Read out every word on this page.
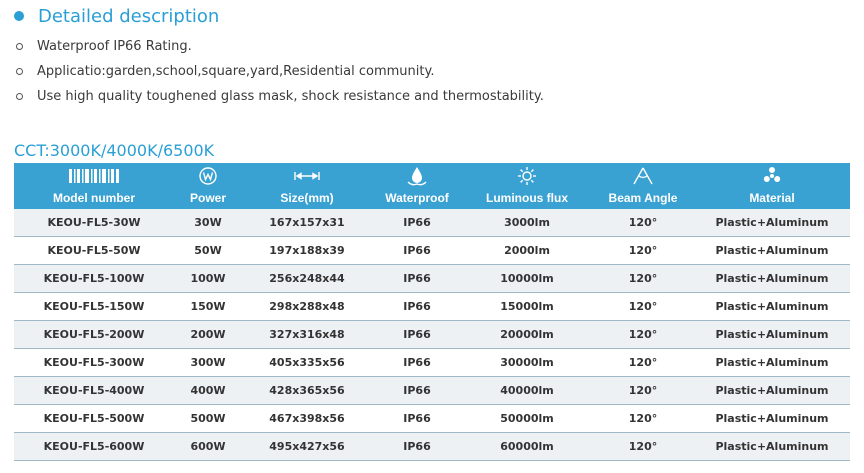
Detailed description
Waterproof IP66 Rating.
Applicatio:garden,school,square,yard,Residential community.
Use high quality toughened glass mask, shock resistance and thermostability.
CCT:3000K/4000K/6500K
Model number	Power	Size(mm)	Waterproof	Luminous flux	Beam Angle	Material

KEOU-FL5-30W	30W	167x157x31	IP66	3000lm	120°	Plastic+Aluminum
KEOU-FL5-50W	50W	197x188x39	IP66	2000lm	120°	Plastic+Aluminum
KEOU-FL5-100W	100W	256x248x44	IP66	10000lm	120°	Plastic+Aluminum
KEOU-FL5-150W	150W	298x288x48	IP66	15000lm	120°	Plastic+Aluminum
KEOU-FL5-200W	200W	327x316x48	IP66	20000lm	120°	Plastic+Aluminum
KEOU-FL5-300W	300W	405x335x56	IP66	30000lm	120°	Plastic+Aluminum
KEOU-FL5-400W	400W	428x365x56	IP66	40000lm	120°	Plastic+Aluminum
KEOU-FL5-500W	500W	467x398x56	IP66	50000lm	120°	Plastic+Aluminum
KEOU-FL5-600W	600W	495x427x56	IP66	60000lm	120°	Plastic+Aluminum
